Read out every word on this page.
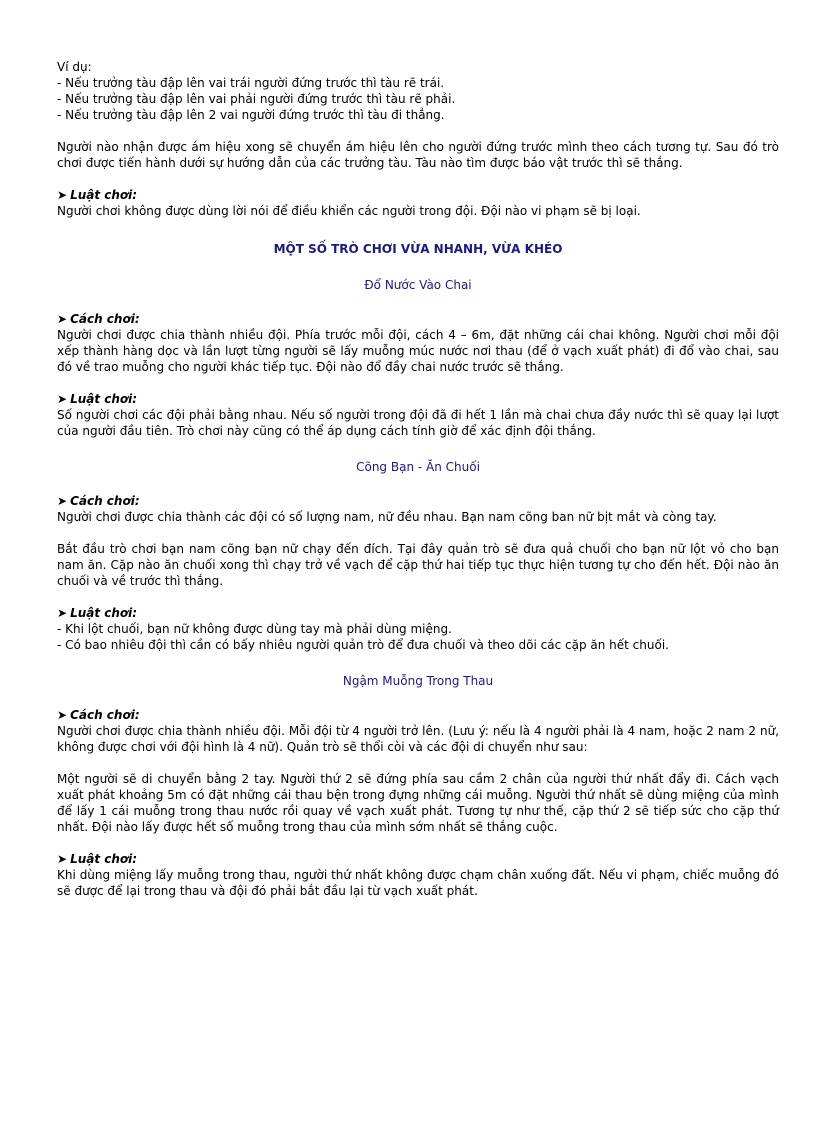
Ví dụ:

- Nếu trưởng tàu đập lên vai trái người đứng trước thì tàu rẽ trái.

- Nếu trưởng tàu đập lên vai phải người đứng trước thì tàu rẽ phải.

- Nếu trưởng tàu đập lên 2 vai người đứng trước thì tàu đi thẳng.

Người nào nhận được ám hiệu xong sẽ chuyển ám hiệu lên cho người đứng trước mình theo cách tương tự. Sau đó trò chơi được tiến hành dưới sự hướng dẫn của các trưởng tàu. Tàu nào tìm được báo vật trước thì sẽ thắng.

➤ Luật chơi:

Người chơi không được dùng lời nói để điều khiển các người trong đội. Đội nào vi phạm sẽ bị loại.

MỘT SỐ TRÒ CHƠI VỪA NHANH, VỪA KHÉO

Đổ Nước Vào Chai

➤ Cách chơi:

Người chơi được chia thành nhiều đội. Phía trước mỗi đội, cách 4 – 6m, đặt những cái chai không. Người chơi mỗi đội xếp thành hàng dọc và lần lượt từng người sẽ lấy muỗng múc nước nơi thau (để ở vạch xuất phát) đi đổ vào chai, sau đó về trao muỗng cho người khác tiếp tục. Đội nào đổ đầy chai nước trước sẽ thắng.

➤ Luật chơi:

Số người chơi các đội phải bằng nhau. Nếu số người trong đội đã đi hết 1 lần mà chai chưa đầy nước thì sẽ quay lại lượt của người đầu tiên. Trò chơi này cũng có thể áp dụng cách tính giờ để xác định đội thắng.

Cõng Bạn - Ăn Chuối

➤ Cách chơi:

Người chơi được chia thành các đội có số lượng nam, nữ đều nhau. Bạn nam cõng ban nữ bịt mắt và còng tay.

Bắt đầu trò chơi bạn nam cõng bạn nữ chạy đến đích. Tại đây quản trò sẽ đưa quả chuối cho bạn nữ lột vỏ cho bạn nam ăn. Cặp nào ăn chuối xong thì chạy trở về vạch để cặp thứ hai tiếp tục thực hiện tương tự cho đến hết. Đội nào ăn chuối và về trước thì thắng.

➤ Luật chơi:

- Khi lột chuối, bạn nữ không được dùng tay mà phải dùng miệng.

- Có bao nhiêu đội thì cần có bấy nhiêu người quản trò để đưa chuối và theo dõi các cặp ăn hết chuối.

Ngậm Muỗng Trong Thau

➤ Cách chơi:

Người chơi được chia thành nhiều đội. Mỗi đội từ 4 người trở lên. (Lưu ý: nếu là 4 người phải là 4 nam, hoặc 2 nam 2 nữ, không được chơi với đội hình là 4 nữ). Quản trò sẽ thổi còi và các đội di chuyển như sau:

Một người sẽ di chuyển bằng 2 tay. Người thứ 2 sẽ đứng phía sau cầm 2 chân của người thứ nhất đẩy đi. Cách vạch xuất phát khoảng 5m có đặt những cái thau bện trong đựng những cái muỗng. Người thứ nhất sẽ dùng miệng của mình để lấy 1 cái muỗng trong thau nước rồi quay về vạch xuất phát. Tương tự như thế, cặp thứ 2 sẽ tiếp sức cho cặp thứ nhất. Đội nào lấy được hết số muỗng trong thau của mình sớm nhất sẽ thắng cuộc.

➤ Luật chơi:

Khi dùng miệng lấy muỗng trong thau, người thứ nhất không được chạm chân xuống đất. Nếu vi phạm, chiếc muỗng đó sẽ được để lại trong thau và đội đó phải bắt đầu lại từ vạch xuất phát.
